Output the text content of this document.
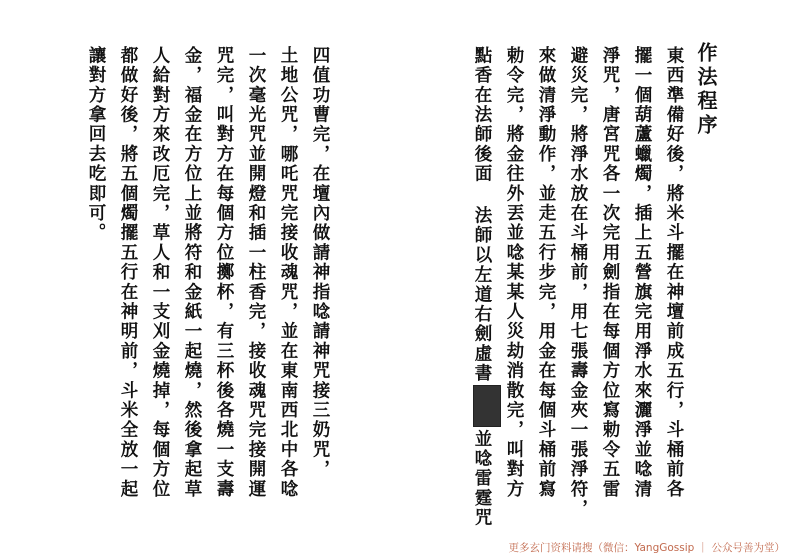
作法程序
東西準備好後，將米斗擺在神壇前成五行，斗桶前各
擺一個葫蘆蠟燭，插上五營旗完用淨水來灑淨並唸清
淨咒，唐宮咒各一次完用劍指在每個方位寫勅令五雷
避災完，將淨水放在斗桶前，用七張壽金夾一張淨符，
來做清淨動作，並走五行步完，用金在每個斗桶前寫
勅令完，將金往外丟並唸某某人災劫消散完，叫對方
點香在法師後面 法師以左道右劍虛書並唸雷霆咒
四值功曹完，在壇內做請神指唸請神咒接三奶咒，
土地公咒，哪吒咒完接收魂咒，並在東南西北中各唸
一次毫光咒並開燈和插一柱香完，接收魂咒完接開運
咒完，叫對方在每個方位擲杯，有三杯後各燒一支壽
金，福金在方位上並將符和金紙一起燒，然後拿起草
人給對方來改厄完，草人和一支刈金燒掉，每個方位
都做好後，將五個燭擺五行在神明前，斗米全放一起
讓對方拿回去吃即可。
更多玄门资料请搜（微信：YangGossip ｜ 公众号善为堂）
